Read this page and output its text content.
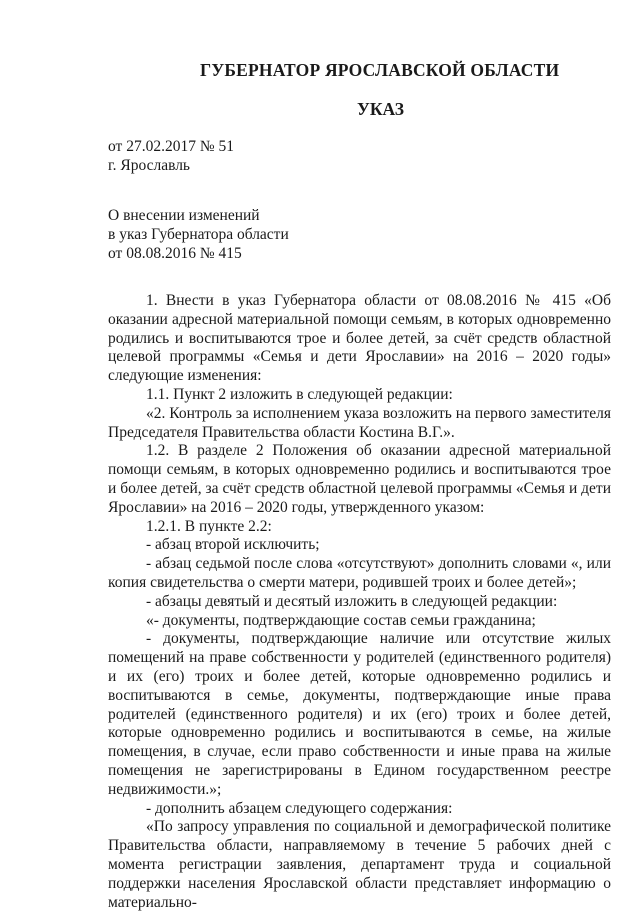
ГУБЕРНАТОР ЯРОСЛАВСКОЙ ОБЛАСТИ
УКАЗ
от 27.02.2017 № 51
г. Ярославль
О внесении изменений
в указ Губернатора области
от 08.08.2016 № 415

1. Внести в указ Губернатора области от 08.08.2016 № 415 «Об оказании адресной материальной помощи семьям, в которых одновременно родились и воспитываются трое и более детей, за счёт средств областной целевой программы «Семья и дети Ярославии» на 2016 – 2020 годы» следующие изменения:

1.1. Пункт 2 изложить в следующей редакции:

«2. Контроль за исполнением указа возложить на первого заместителя Председателя Правительства области Костина В.Г.».

1.2. В разделе 2 Положения об оказании адресной материальной помощи семьям, в которых одновременно родились и воспитываются трое и более детей, за счёт средств областной целевой программы «Семья и дети Ярославии» на 2016 – 2020 годы, утвержденного указом:

1.2.1. В пункте 2.2:

- абзац второй исключить;

- абзац седьмой после слова «отсутствуют» дополнить словами «, или копия свидетельства о смерти матери, родившей троих и более детей»;

- абзацы девятый и десятый изложить в следующей редакции:

«- документы, подтверждающие состав семьи гражданина;

- документы, подтверждающие наличие или отсутствие жилых помещений на праве собственности у родителей (единственного родителя) и их (его) троих и более детей, которые одновременно родились и воспитываются в семье, документы, подтверждающие иные права родителей (единственного родителя) и их (его) троих и более детей, которые одновременно родились и воспитываются в семье, на жилые помещения, в случае, если право собственности и иные права на жилые помещения не зарегистрированы в Едином государственном реестре недвижимости.»;

- дополнить абзацем следующего содержания:

«По запросу управления по социальной и демографической политике Правительства области, направляемому в течение 5 рабочих дней с момента регистрации заявления, департамент труда и социальной поддержки населения Ярославской области представляет информацию о материально-
